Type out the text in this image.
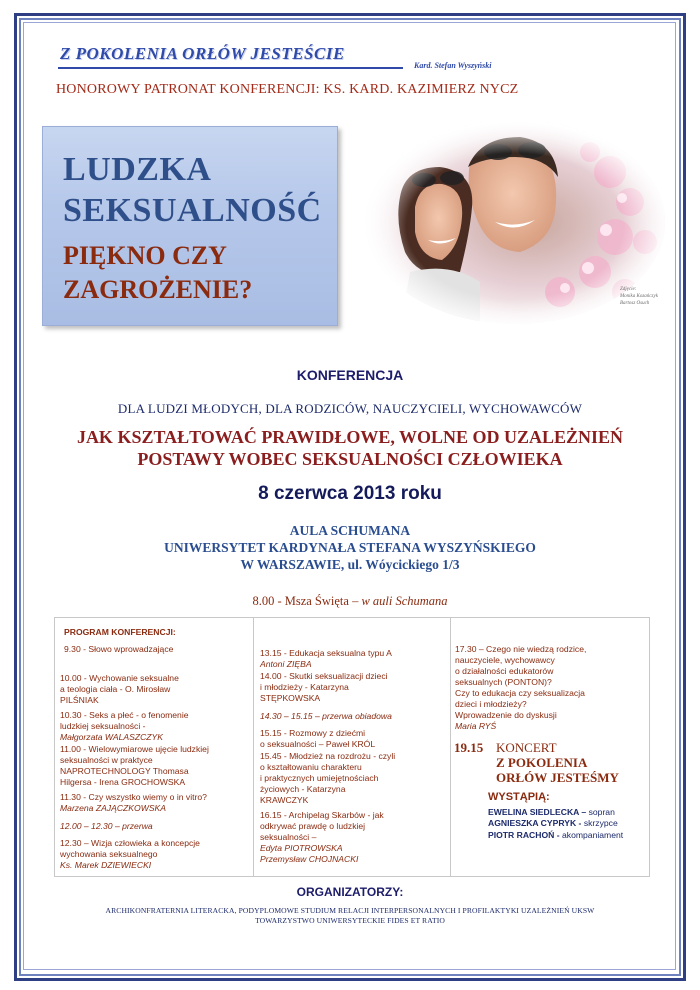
Z POKOLENIA ORŁÓW JESTEŚCIE
Kard. Stefan Wyszyński
HONOROWY PATRONAT KONFERENCJI: KS. KARD. KAZIMIERZ NYCZ
LUDZKA
SEKSUALNOŚĆ
PIĘKNO CZY
ZAGROŻENIE?	Zdjęcie:
Monika Kozańczyk
Bartosz Osuch
KONFERENCJA
DLA LUDZI MŁODYCH, DLA RODZICÓW, NAUCZYCIELI, WYCHOWAWCÓW
JAK KSZTAŁTOWAĆ PRAWIDŁOWE, WOLNE OD UZALEŻNIEŃ
POSTAWY WOBEC SEKSUALNOŚCI CZŁOWIEKA
8 czerwca 2013 roku
AULA SCHUMANA
UNIWERSYTET KARDYNAŁA STEFANA WYSZYŃSKIEGO
W WARSZAWIE, ul. Wóycickiego 1/3
8.00 - Msza Święta – w auli Schumana
PROGRAM KONFERENCJI:
9.30 - Słowo wprowadzające
10.00 - Wychowanie seksualne
a teologia ciała - O. Mirosław
PILŚNIAK
10.30 - Seks a płeć - o fenomenie
ludzkiej seksualności -
Małgorzata WALASZCZYK
11.00 - Wielowymiarowe ujęcie ludzkiej
seksualności w praktyce
NAPROTECHNOLOGY Thomasa
Hilgersa - Irena GROCHOWSKA
11.30 - Czy wszystko wiemy o in vitro?
Marzena ZAJĄCZKOWSKA
12.00 – 12.30 – przerwa
12.30 – Wizja człowieka a koncepcje
wychowania seksualnego
Ks. Marek DZIEWIECKI
13.15 - Edukacja seksualna typu A
Antoni ZIĘBA
14.00 - Skutki seksualizacji dzieci
i młodzieży - Katarzyna
STĘPKOWSKA
14.30 – 15.15 – przerwa obiadowa
15.15 - Rozmowy z dziećmi
o seksualności – Paweł KRÓL
15.45 - Młodzież na rozdrożu - czyli
o kształtowaniu charakteru
i praktycznych umiejętnościach
życiowych - Katarzyna
KRAWCZYK
16.15 - Archipelag Skarbów - jak
odkrywać prawdę o ludzkiej
seksualności –
Edyta PIOTROWSKA
Przemysław CHOJNACKI
17.30 – Czego nie wiedzą rodzice,
nauczyciele, wychowawcy
o działalności edukatorów
seksualnych (PONTON)?
Czy to edukacja czy seksualizacja
dzieci i młodzieży?
Wprowadzenie do dyskusji
Maria RYŚ
19.15 KONCERT
Z POKOLENIA
ORŁÓW JESTEŚMY
WYSTĄPIĄ:
EWELINA SIEDLECKA – sopran
AGNIESZKA CYPRYK - skrzypce
PIOTR RACHOŃ - akompaniament
ORGANIZATORZY:
ARCHIKONFRATERNIA LITERACKA, PODYPLOMOWE STUDIUM RELACJI INTERPERSONALNYCH I PROFILAKTYKI UZALEŻNIEŃ UKSW
TOWARZYSTWO UNIWERSYTECKIE FIDES ET RATIO
